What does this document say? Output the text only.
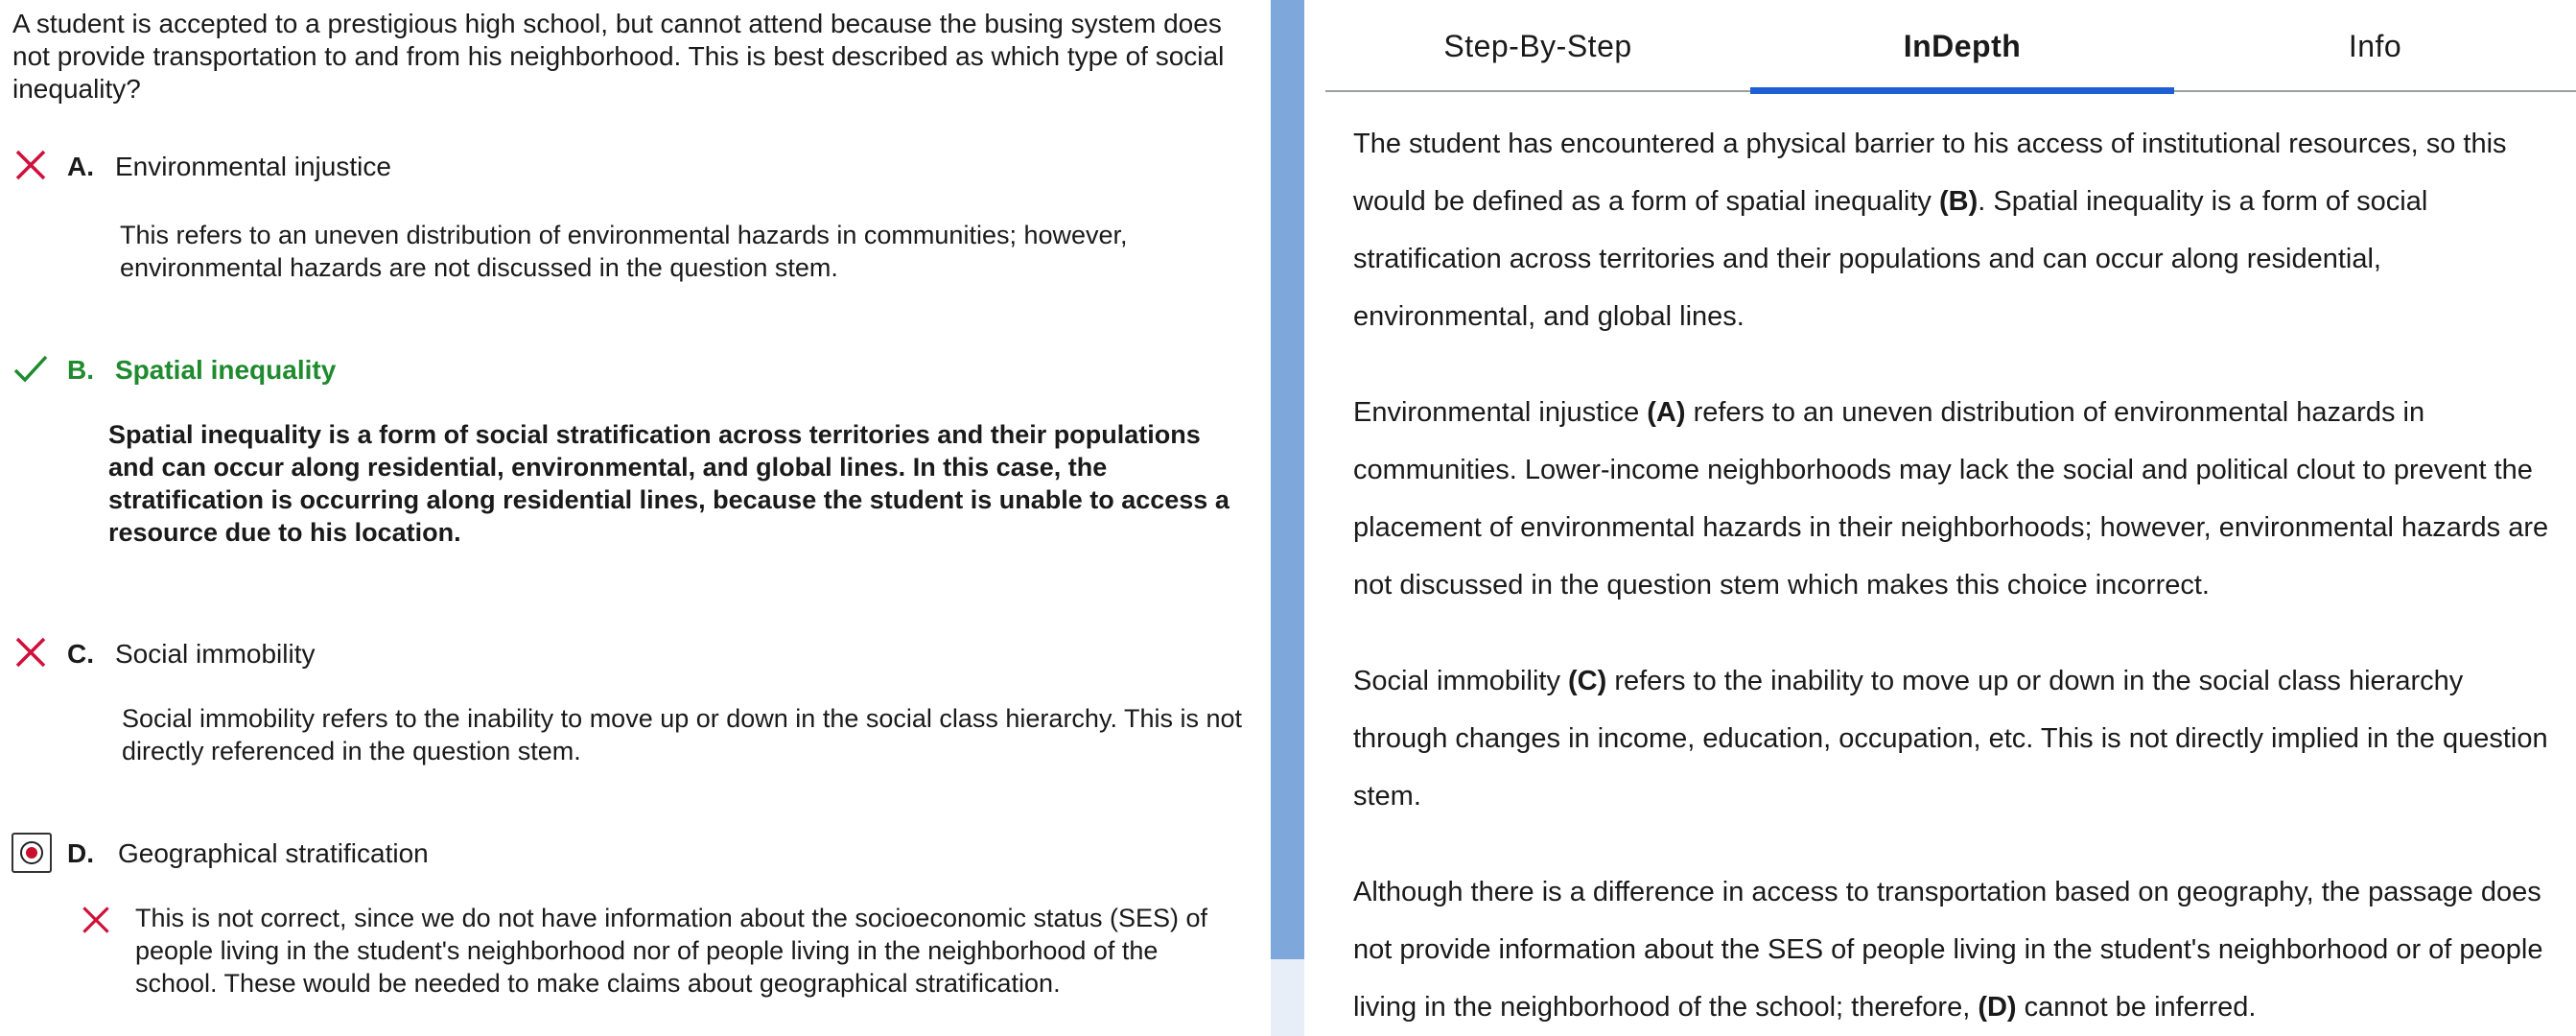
A student is accepted to a prestigious high school, but cannot attend because the busing system does not provide transportation to and from his neighborhood. This is best described as which type of social inequality?
A. Environmental injustice
This refers to an uneven distribution of environmental hazards in communities; however, environmental hazards are not discussed in the question stem.
B. Spatial inequality
Spatial inequality is a form of social stratification across territories and their populations and can occur along residential, environmental, and global lines. In this case, the stratification is occurring along residential lines, because the student is unable to access a resource due to his location.
C. Social immobility
Social immobility refers to the inability to move up or down in the social class hierarchy. This is not directly referenced in the question stem.
D. Geographical stratification
This is not correct, since we do not have information about the socioeconomic status (SES) of people living in the student's neighborhood nor of people living in the neighborhood of the school. These would be needed to make claims about geographical stratification.
Step-By-Step	InDepth	Info

The student has encountered a physical barrier to his access of institutional resources, so this would be defined as a form of spatial inequality (B). Spatial inequality is a form of social stratification across territories and their populations and can occur along residential, environmental, and global lines.

Environmental injustice (A) refers to an uneven distribution of environmental hazards in communities. Lower-income neighborhoods may lack the social and political clout to prevent the placement of environmental hazards in their neighborhoods; however, environmental hazards are not discussed in the question stem which makes this choice incorrect.

Social immobility (C) refers to the inability to move up or down in the social class hierarchy through changes in income, education, occupation, etc. This is not directly implied in the question stem.

Although there is a difference in access to transportation based on geography, the passage does not provide information about the SES of people living in the student's neighborhood or of people living in the neighborhood of the school; therefore, (D) cannot be inferred.
